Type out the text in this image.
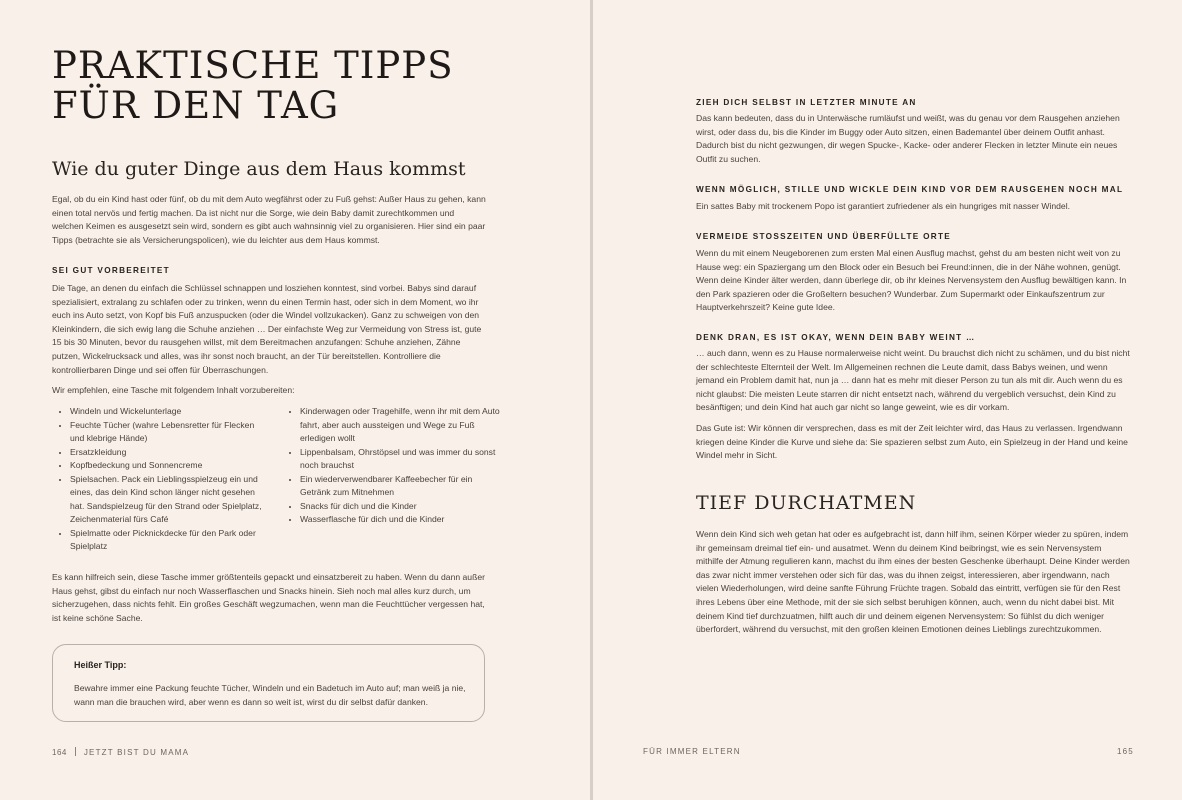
PRAKTISCHE TIPPS
FÜR DEN TAG
Wie du guter Dinge aus dem Haus kommst

Egal, ob du ein Kind hast oder fünf, ob du mit dem Auto wegfährst oder zu Fuß gehst: Außer Haus zu gehen, kann einen total nervös und fertig machen. Da ist nicht nur die Sorge, wie dein Baby damit zurechtkommen und welchen Keimen es ausgesetzt sein wird, sondern es gibt auch wahnsinnig viel zu organisieren. Hier sind ein paar Tipps (betrachte sie als Versicherungspolicen), wie du leichter aus dem Haus kommst.

SEI GUT VORBEREITET

Die Tage, an denen du einfach die Schlüssel schnappen und losziehen konntest, sind vorbei. Babys sind darauf spezialisiert, extralang zu schlafen oder zu trinken, wenn du einen Termin hast, oder sich in dem Moment, wo ihr euch ins Auto setzt, von Kopf bis Fuß anzuspucken (oder die Windel vollzukacken). Ganz zu schweigen von den Kleinkindern, die sich ewig lang die Schuhe anziehen … Der einfachste Weg zur Vermeidung von Stress ist, gute 15 bis 30 Minuten, bevor du rausgehen willst, mit dem Bereitmachen anzufangen: Schuhe anziehen, Zähne putzen, Wickelrucksack und alles, was ihr sonst noch braucht, an der Tür bereitstellen. Kontrolliere die kontrollierbaren Dinge und sei offen für Überraschungen.

Wir empfehlen, eine Tasche mit folgendem Inhalt vorzubereiten:

• Windeln und Wickelunterlage
• Feuchte Tücher (wahre Lebensretter für Flecken und klebrige Hände)
• Ersatzkleidung
• Kopfbedeckung und Sonnencreme
• Spielsachen. Pack ein Lieblingsspielzeug ein und eines, das dein Kind schon länger nicht gesehen hat. Sandspielzeug für den Strand oder Spielplatz, Zeichenmaterial fürs Café
• Spielmatte oder Picknickdecke für den Park oder Spielplatz
• Kinderwagen oder Tragehilfe, wenn ihr mit dem Auto fahrt, aber auch aussteigen und Wege zu Fuß erledigen wollt
• Lippenbalsam, Ohrstöpsel und was immer du sonst noch brauchst
• Ein wiederverwendbarer Kaffeebecher für ein Getränk zum Mitnehmen
• Snacks für dich und die Kinder
• Wasserflasche für dich und die Kinder

Es kann hilfreich sein, diese Tasche immer größtenteils gepackt und einsatzbereit zu haben. Wenn du dann außer Haus gehst, gibst du einfach nur noch Wasserflaschen und Snacks hinein. Sieh noch mal alles kurz durch, um sicherzugehen, dass nichts fehlt. Ein großes Geschäft wegzumachen, wenn man die Feuchttücher vergessen hat, ist keine schöne Sache.

Heißer Tipp:

Bewahre immer eine Packung feuchte Tücher, Windeln und ein Badetuch im Auto auf; man weiß ja nie, wann man die brauchen wird, aber wenn es dann so weit ist, wirst du dir selbst dafür danken.

164 JETZT BIST DU MAMA
ZIEH DICH SELBST IN LETZTER MINUTE AN

Das kann bedeuten, dass du in Unterwäsche rumläufst und weißt, was du genau vor dem Rausgehen anziehen wirst, oder dass du, bis die Kinder im Buggy oder Auto sitzen, einen Bademantel über deinem Outfit anhast. Dadurch bist du nicht gezwungen, dir wegen Spucke-, Kacke- oder anderer Flecken in letzter Minute ein neues Outfit zu suchen.

WENN MÖGLICH, STILLE UND WICKLE DEIN KIND VOR DEM RAUSGEHEN NOCH MAL

Ein sattes Baby mit trockenem Popo ist garantiert zufriedener als ein hungriges mit nasser Windel.

VERMEIDE STOSSZEITEN UND ÜBERFÜLLTE ORTE

Wenn du mit einem Neugeborenen zum ersten Mal einen Ausflug machst, gehst du am besten nicht weit von zu Hause weg: ein Spaziergang um den Block oder ein Besuch bei Freund:innen, die in der Nähe wohnen, genügt. Wenn deine Kinder älter werden, dann überlege dir, ob ihr kleines Nervensystem den Ausflug bewältigen kann. In den Park spazieren oder die Großeltern besuchen? Wunderbar. Zum Supermarkt oder Einkaufszentrum zur Hauptverkehrszeit? Keine gute Idee.

DENK DRAN, ES IST OKAY, WENN DEIN BABY WEINT …

… auch dann, wenn es zu Hause normalerweise nicht weint. Du brauchst dich nicht zu schämen, und du bist nicht der schlechteste Elternteil der Welt. Im Allgemeinen rechnen die Leute damit, dass Babys weinen, und wenn jemand ein Problem damit hat, nun ja … dann hat es mehr mit dieser Person zu tun als mit dir. Auch wenn du es nicht glaubst: Die meisten Leute starren dir nicht entsetzt nach, während du vergeblich versuchst, dein Kind zu besänftigen; und dein Kind hat auch gar nicht so lange geweint, wie es dir vorkam.

Das Gute ist: Wir können dir versprechen, dass es mit der Zeit leichter wird, das Haus zu verlassen. Irgendwann kriegen deine Kinder die Kurve und siehe da: Sie spazieren selbst zum Auto, ein Spielzeug in der Hand und keine Windel mehr in Sicht.

TIEF DURCHATMEN

Wenn dein Kind sich weh getan hat oder es aufgebracht ist, dann hilf ihm, seinen Körper wieder zu spüren, indem ihr gemeinsam dreimal tief ein- und ausatmet. Wenn du deinem Kind beibringst, wie es sein Nervensystem mithilfe der Atmung regulieren kann, machst du ihm eines der besten Geschenke überhaupt. Deine Kinder werden das zwar nicht immer verstehen oder sich für das, was du ihnen zeigst, interessieren, aber irgendwann, nach vielen Wiederholungen, wird deine sanfte Führung Früchte tragen. Sobald das eintritt, verfügen sie für den Rest ihres Lebens über eine Methode, mit der sie sich selbst beruhigen können, auch, wenn du nicht dabei bist. Mit deinem Kind tief durchzuatmen, hilft auch dir und deinem eigenen Nervensystem: So fühlst du dich weniger überfordert, während du versuchst, mit den großen kleinen Emotionen deines Lieblings zurechtzukommen.

FÜR IMMER ELTERN	165
